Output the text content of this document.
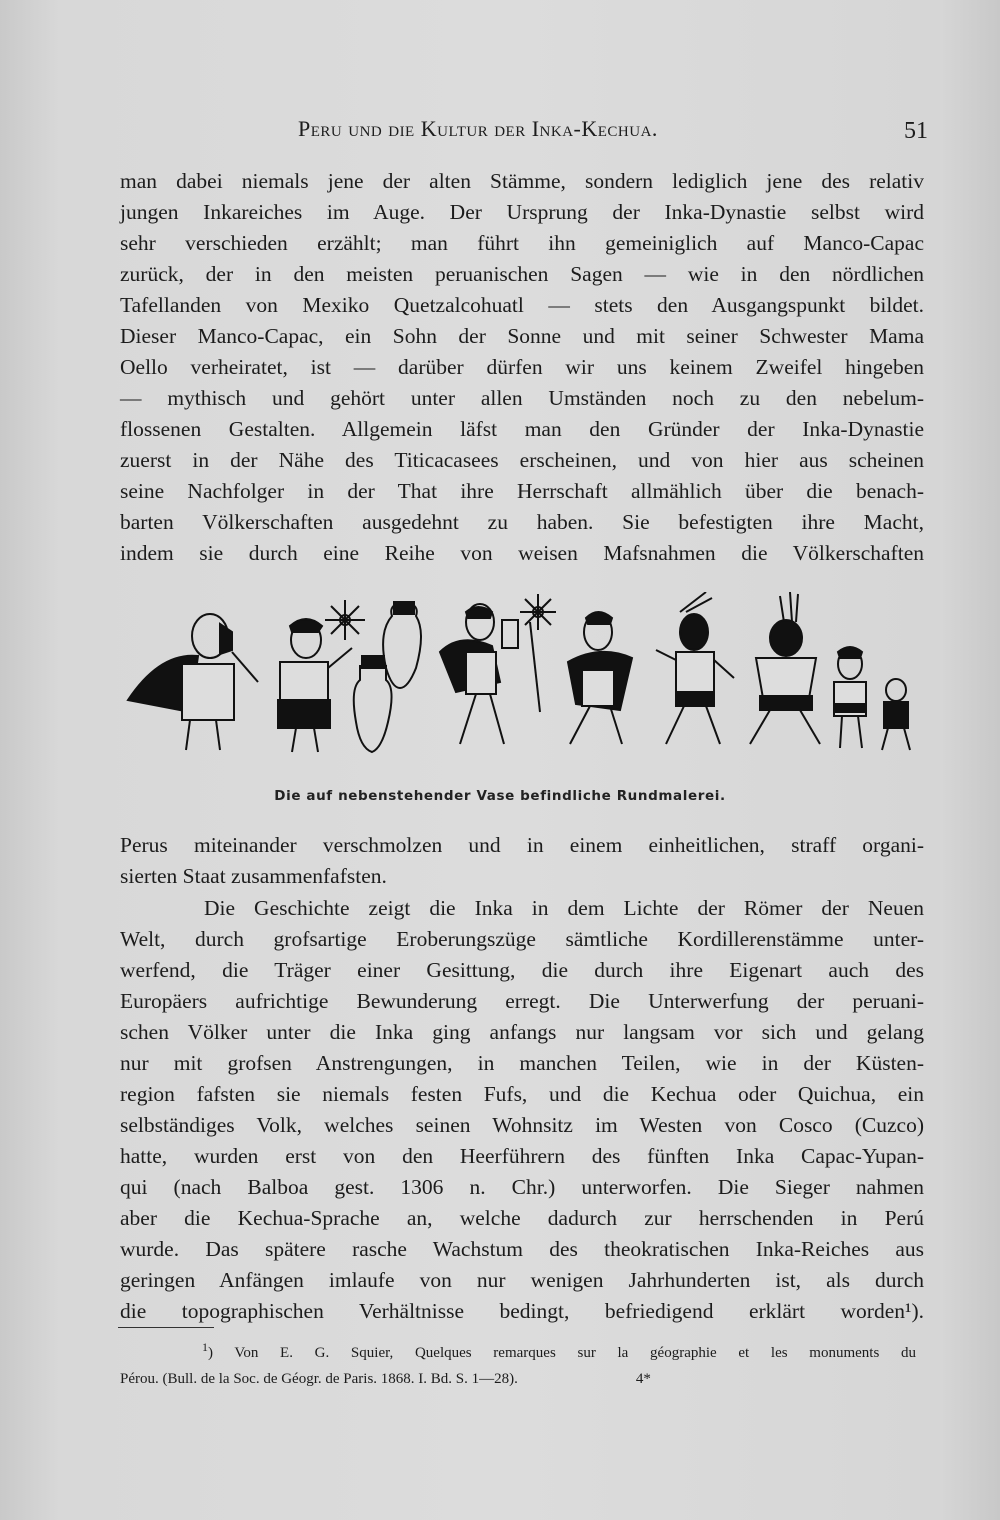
Peru und die Kultur der Inka-Kechua.	51
man dabei niemals jene der alten Stämme, sondern lediglich jene des relativ
jungen Inkareiches im Auge. Der Ursprung der Inka-Dynastie selbst wird
sehr verschieden erzählt; man führt ihn gemeiniglich auf Manco-Capac
zurück, der in den meisten peruanischen Sagen — wie in den nördlichen
Tafellanden von Mexiko Quetzalcohuatl — stets den Ausgangspunkt bildet.
Dieser Manco-Capac, ein Sohn der Sonne und mit seiner Schwester Mama
Oello verheiratet, ist — darüber dürfen wir uns keinem Zweifel hingeben
— mythisch und gehört unter allen Umständen noch zu den nebelum-
flossenen Gestalten. Allgemein läfst man den Gründer der Inka-Dynastie
zuerst in der Nähe des Titicacasees erscheinen, und von hier aus scheinen
seine Nachfolger in der That ihre Herrschaft allmählich über die benach-
barten Völkerschaften ausgedehnt zu haben. Sie befestigten ihre Macht,
indem sie durch eine Reihe von weisen Mafsnahmen die Völkerschaften
Die auf nebenstehender Vase befindliche Rundmalerei.
Perus miteinander verschmolzen und in einem einheitlichen, straff organi-
sierten Staat zusammenfafsten.
Die Geschichte zeigt die Inka in dem Lichte der Römer der Neuen
Welt, durch grofsartige Eroberungszüge sämtliche Kordillerenstämme unter-
werfend, die Träger einer Gesittung, die durch ihre Eigenart auch des
Europäers aufrichtige Bewunderung erregt. Die Unterwerfung der peruani-
schen Völker unter die Inka ging anfangs nur langsam vor sich und gelang
nur mit grofsen Anstrengungen, in manchen Teilen, wie in der Küsten-
region fafsten sie niemals festen Fufs, und die Kechua oder Quichua, ein
selbständiges Volk, welches seinen Wohnsitz im Westen von Cosco (Cuzco)
hatte, wurden erst von den Heerführern des fünften Inka Capac-Yupan-
qui (nach Balboa gest. 1306 n. Chr.) unterworfen. Die Sieger nahmen
aber die Kechua-Sprache an, welche dadurch zur herrschenden in Perú
wurde. Das spätere rasche Wachstum des theokratischen Inka-Reiches aus
geringen Anfängen imlaufe von nur wenigen Jahrhunderten ist, als durch
die topographischen Verhältnisse bedingt, befriedigend erklärt worden¹).
$^1$) Von E. G. Squier, Quelques remarques sur la géographie et les monuments du
Pérou. (Bull. de la Soc. de Géogr. de Paris. 1868. I. Bd. S. 1—28).	4*
